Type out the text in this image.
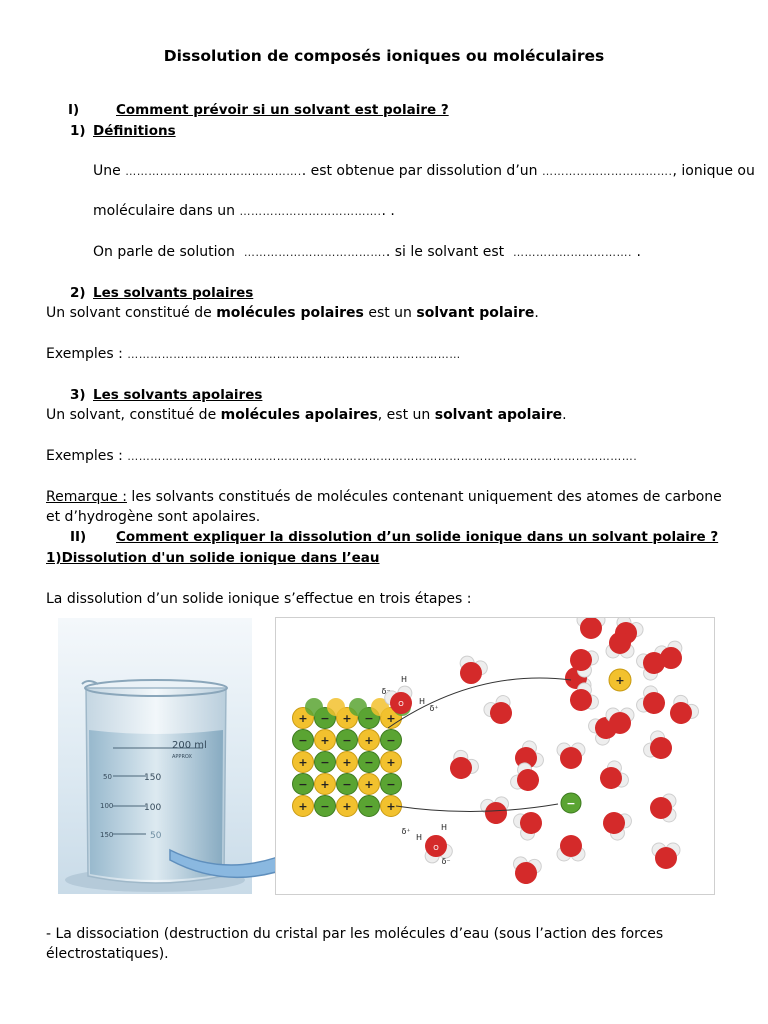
Dissolution de composés ioniques ou moléculaires
I)	Comment prévoir si un solvant est polaire ?
1) Définitions
Une ……………………………………….. est obtenue par dissolution d’un ……………………………., ionique ou
moléculaire dans un ……………………………….. .
On parle de solution ……………………………….. si le solvant est …………………………. .
2) Les solvants polaires
Un solvant constitué de molécules polaires est un solvant polaire.
Exemples : ……………………………………………………………………………
3) Les solvants apolaires
Un solvant, constitué de molécules apolaires, est un solvant apolaire.
Exemples : …………………………………………………………………………………………………………………….
Remarque : les solvants constitués de molécules contenant uniquement des atomes de carbone
et d’hydrogène sont apolaires.
II) Comment expliquer la dissolution d’un solide ionique dans un solvant polaire ?
1)Dissolution d'un solide ionique dans l’eau
La dissolution d’un solide ionique s’effectue en trois étapes :
200 ml
APPROX
150
100
50
50
100
150
+ − + − +
− + − + −
+ − + − +
− + − + −
+ − + − +
+
−
δ⁻
H
O H
δ⁺
O
δ⁺
H
H
δ⁻
- La dissociation (destruction du cristal par les molécules d’eau (sous l’action des forces
électrostatiques).
